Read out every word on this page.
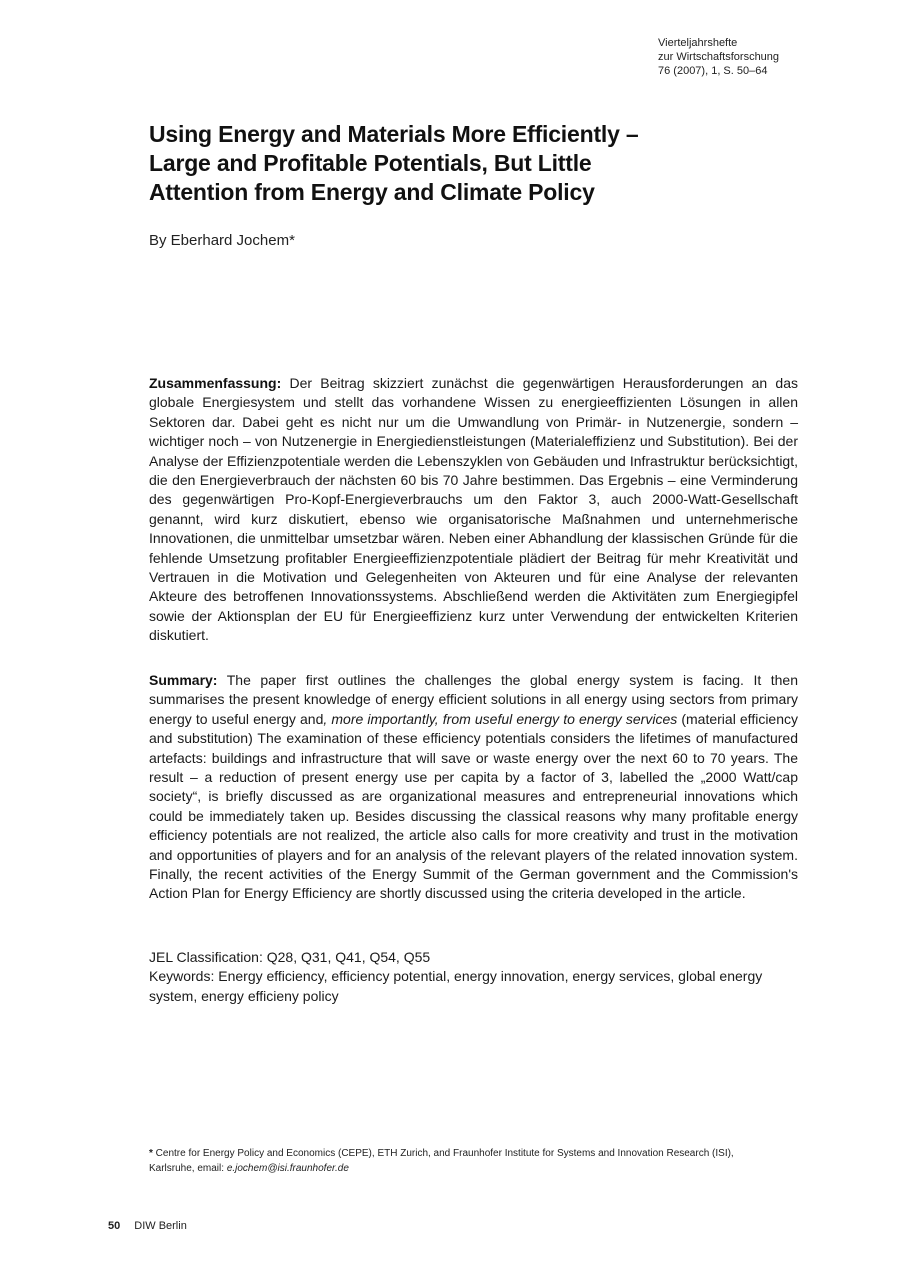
Vierteljahrshefte
zur Wirtschaftsforschung
76 (2007), 1, S. 50–64
Using Energy and Materials More Efficiently –
Large and Profitable Potentials, But Little
Attention from Energy and Climate Policy
By Eberhard Jochem*

Zusammenfassung: Der Beitrag skizziert zunächst die gegenwärtigen Herausforderungen an das globale Energiesystem und stellt das vorhandene Wissen zu energieeffizienten Lösungen in allen Sektoren dar. Dabei geht es nicht nur um die Umwandlung von Primär- in Nutzenergie, sondern – wichtiger noch – von Nutzenergie in Energiedienstleistungen (Materialeffizienz und Substitution). Bei der Analyse der Effizienzpotentiale werden die Lebenszyklen von Gebäuden und Infrastruktur berücksichtigt, die den Energieverbrauch der nächsten 60 bis 70 Jahre bestimmen. Das Ergebnis – eine Verminderung des gegenwärtigen Pro-Kopf-Energieverbrauchs um den Faktor 3, auch 2000-Watt-Gesellschaft genannt, wird kurz diskutiert, ebenso wie organisatorische Maßnahmen und unternehmerische Innovationen, die unmittelbar umsetzbar wären. Neben einer Abhandlung der klassischen Gründe für die fehlende Umsetzung profitabler Energieeffizienzpotentiale plädiert der Beitrag für mehr Kreativität und Vertrauen in die Motivation und Gelegenheiten von Akteuren und für eine Analyse der relevanten Akteure des betroffenen Innovationssystems. Abschließend werden die Aktivitäten zum Energiegipfel sowie der Aktionsplan der EU für Energieeffizienz kurz unter Verwendung der entwickelten Kriterien diskutiert.

Summary: The paper first outlines the challenges the global energy system is facing. It then summarises the present knowledge of energy efficient solutions in all energy using sectors from primary energy to useful energy and, more importantly, from useful energy to energy services (material efficiency and substitution) The examination of these efficiency potentials considers the lifetimes of manufactured artefacts: buildings and infrastructure that will save or waste energy over the next 60 to 70 years. The result – a reduction of present energy use per capita by a factor of 3, labelled the „2000 Watt/cap society“, is briefly discussed as are organizational measures and entrepreneurial innovations which could be immediately taken up. Besides discussing the classical reasons why many profitable energy efficiency potentials are not realized, the article also calls for more creativity and trust in the motivation and opportunities of players and for an analysis of the relevant players of the related innovation system. Finally, the recent activities of the Energy Summit of the German government and the Commission's Action Plan for Energy Efficiency are shortly discussed using the criteria developed in the article.

JEL Classification: Q28, Q31, Q41, Q54, Q55
Keywords: Energy efficiency, efficiency potential, energy innovation, energy services, global energy system, energy efficieny policy
* Centre for Energy Policy and Economics (CEPE), ETH Zurich, and Fraunhofer Institute for Systems and Innovation Research (ISI), Karlsruhe, email: e.jochem@isi.fraunhofer.de
50 DIW Berlin
